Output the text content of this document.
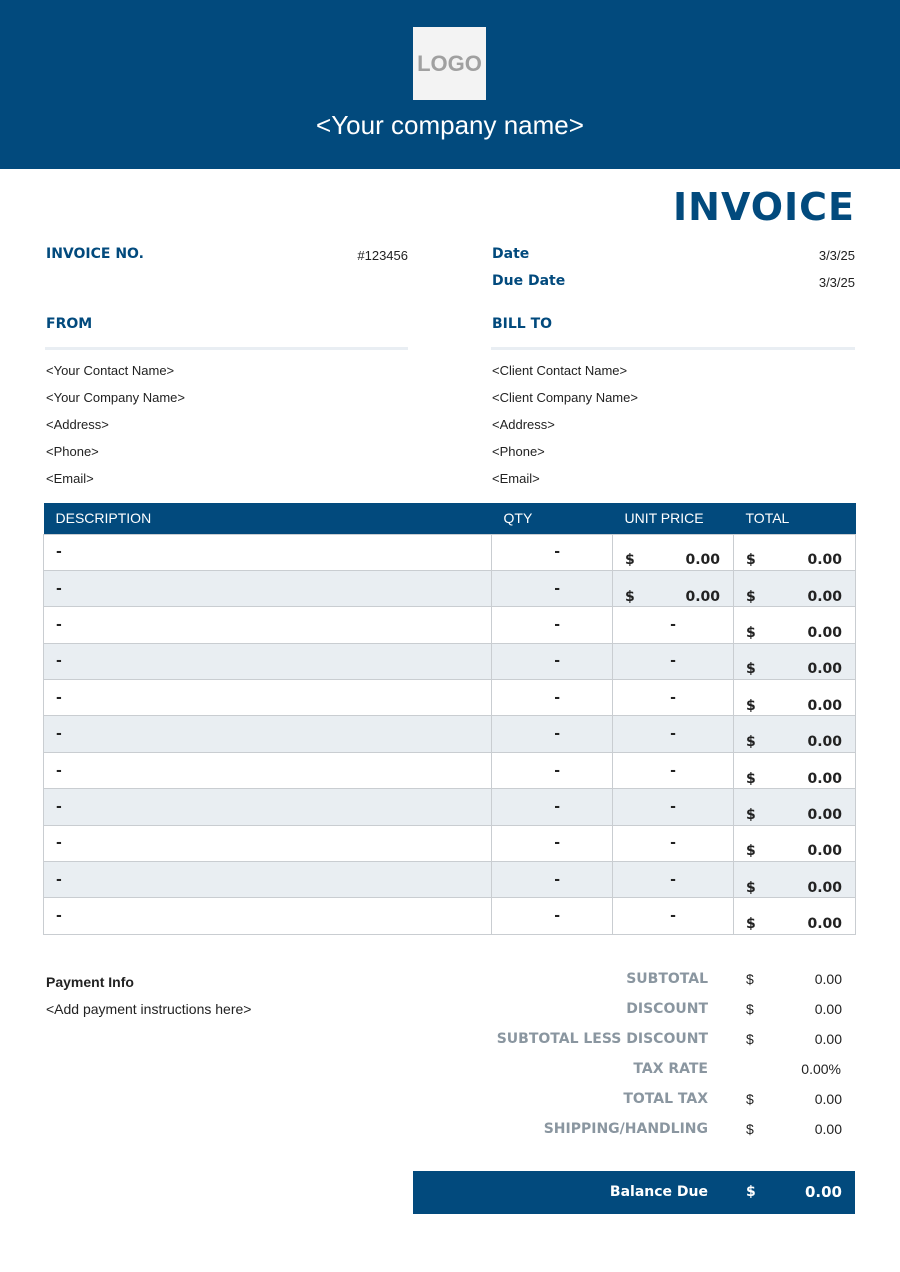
LOGO
<Your company name>
INVOICE
INVOICE NO.	#123456	Date	3/3/25
Due Date	3/3/25
FROM
<Your Contact Name>
<Your Company Name>
<Address>
<Phone>
<Email>
BILL TO
<Client Contact Name>
<Client Company Name>
<Address>
<Phone>
<Email>
DESCRIPTION	QTY	UNIT PRICE	TOTAL
-	-	$ 0.00	$ 0.00

-	-	$ 0.00	$ 0.00

-	-	-	$ 0.00

-	-	-	$ 0.00

-	-	-	$ 0.00

-	-	-	$ 0.00

-	-	-	$ 0.00

-	-	-	$ 0.00

-	-	-	$ 0.00

-	-	-	$ 0.00

-	-	-	$ 0.00
Payment Info
<Add payment instructions here>
SUBTOTAL	$	0.00
DISCOUNT	$	0.00
SUBTOTAL LESS DISCOUNT	$	0.00
TAX RATE	0.00%
TOTAL TAX	$	0.00
SHIPPING/HANDLING	$	0.00
Balance Due	$	0.00
